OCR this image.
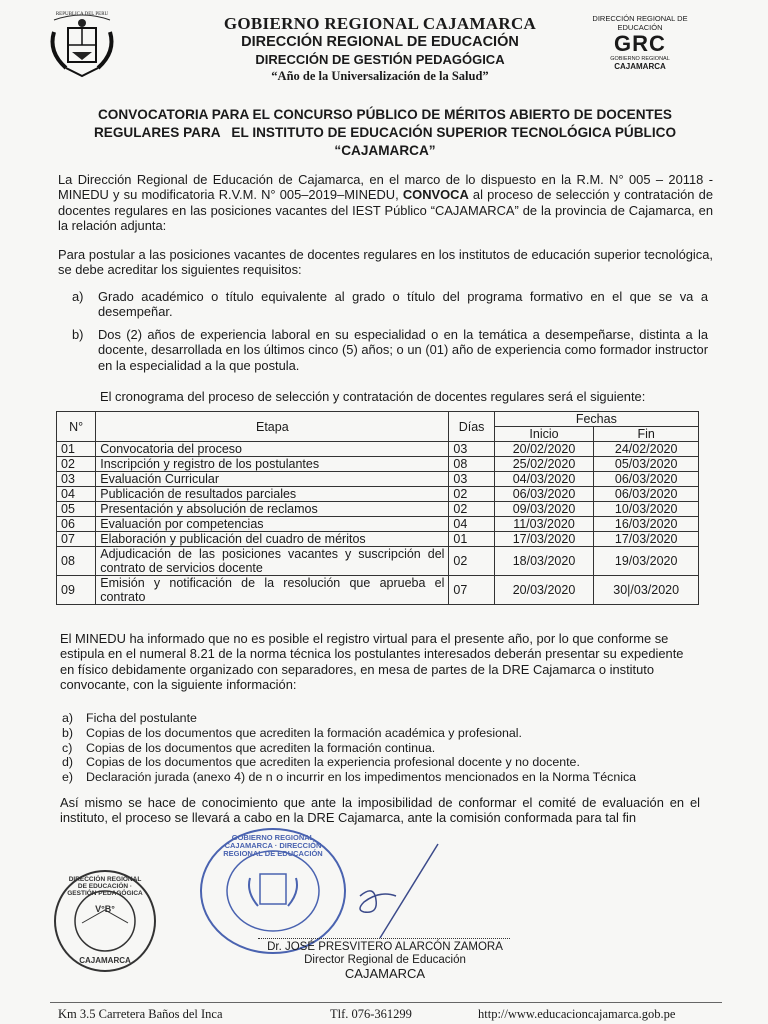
REPUBLICA DEL PERU	GOBIERNO REGIONAL CAJAMARCA
DIRECCIÓN REGIONAL DE EDUCACIÓN
DIRECCIÓN DE GESTIÓN PEDAGÓGICA
“Año de la Universalización de la Salud”
DIRECCIÓN REGIONAL DE EDUCACIÓN
GRC
GOBIERNO REGIONAL
CAJAMARCA
CONVOCATORIA PARA EL CONCURSO PÚBLICO DE MÉRITOS ABIERTO DE DOCENTES
REGULARES PARA   EL INSTITUTO DE EDUCACIÓN SUPERIOR TECNOLÓGICA PÚBLICO
“CAJAMARCA”
La Dirección Regional de Educación de Cajamarca, en el marco de lo dispuesto en la R.M. N° 005 – 20118 - MINEDU y su modificatoria R.V.M. N° 005–2019–MINEDU, CONVOCA al proceso de selección y contratación de docentes regulares en las posiciones vacantes del IEST Público “CAJAMARCA” de la provincia de Cajamarca, en la relación adjunta:
Para postular a las posiciones vacantes de docentes regulares en los institutos de educación superior tecnológica, se debe acreditar los siguientes requisitos:
a) Grado académico o título equivalente al grado o título del programa formativo en el que se va a desempeñar.
b) Dos (2) años de experiencia laboral en su especialidad o en la temática a desempeñarse, distinta a la docente, desarrollada en los últimos cinco (5) años; o un (01) año de experiencia como formador instructor en la especialidad a la que postula.
El cronograma del proceso de selección y contratación de docentes regulares será el siguiente:
N°	Etapa	Días	Fechas	
			Inicio	Fin
01	Convocatoria del proceso	03	20/02/2020	24/02/2020
02	Inscripción y registro de los postulantes	08	25/02/2020	05/03/2020
03	Evaluación Curricular	03	04/03/2020	06/03/2020
04	Publicación de resultados parciales	02	06/03/2020	06/03/2020
05	Presentación y absolución de reclamos	02	09/03/2020	10/03/2020
06	Evaluación por competencias	04	11/03/2020	16/03/2020
07	Elaboración y publicación del cuadro de méritos	01	17/03/2020	17/03/2020
08	Adjudicación de las posiciones vacantes y suscripción del contrato de servicios docente	02	18/03/2020	19/03/2020
09	Emisión y notificación de la resolución que aprueba el contrato	07	20/03/2020	30|/03/2020
El MINEDU ha informado que no es posible el registro virtual para el presente año, por lo que conforme se estipula en el numeral 8.21 de la norma técnica los postulantes interesados deberán presentar su expediente en físico debidamente organizado con separadores, en mesa de partes de la DRE Cajamarca o instituto convocante, con la siguiente información:
a) Ficha del postulante
b) Copias de los documentos que acrediten la formación académica y profesional.
c) Copias de los documentos que acrediten la formación continua.
d) Copias de los documentos que acrediten la experiencia profesional docente y no docente.
e) Declaración jurada (anexo 4) de n o incurrir en los impedimentos mencionados en la Norma Técnica
Así mismo se hace de conocimiento que ante la imposibilidad de conformar el comité de evaluación en el instituto, el proceso se llevará a cabo en la DRE Cajamarca, ante la comisión conformada para tal fin
DIRECCIÓN REGIONAL DE EDUCACIÓN · GESTIÓN PEDAGÓGICA
V°B°
CAJAMARCA
GOBIERNO REGIONAL CAJAMARCA · DIRECCIÓN REGIONAL DE EDUCACIÓN
Dr. JOSÉ PRESVITERO ALARCÓN ZAMORA
Director Regional de Educación
CAJAMARCA
Km 3.5 Carretera Baños del Inca	Tlf. 076-361299	http://www.educacioncajamarca.gob.pe
